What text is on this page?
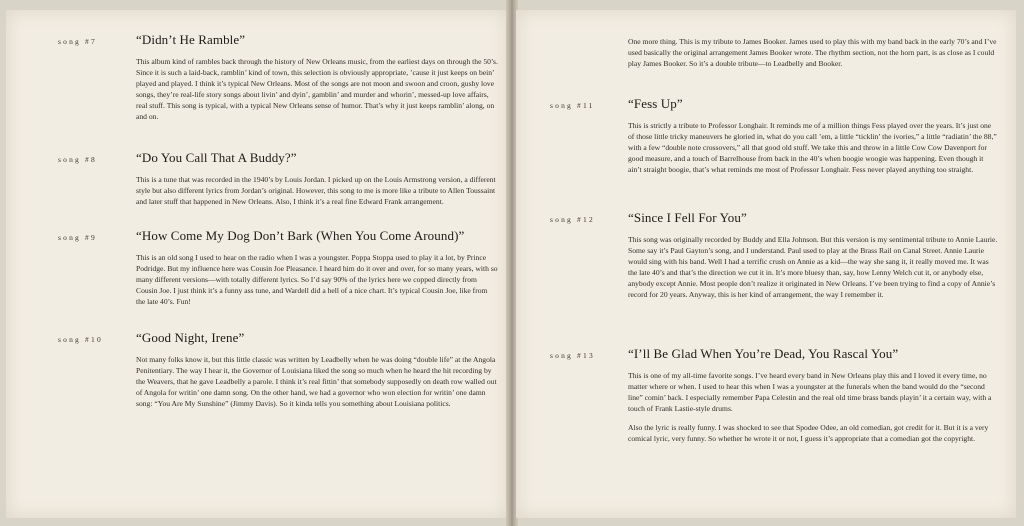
song #7	“Didn’t He Ramble”

This album kind of rambles back through the history of New Orleans music, from the earliest days on through the 50’s. Since it is such a laid-back, ramblin’ kind of town, this selection is obviously appropriate, ’cause it just keeps on bein’ played and played. I think it’s typical New Orleans. Most of the songs are not moon and swoon and croon, gushy love songs, they’re real-life story songs about livin’ and dyin’, gamblin’ and murder and whorin’, messed-up love affairs, real stuff. This song is typical, with a typical New Orleans sense of humor. That’s why it just keeps ramblin’ along, on and on.

song #8	“Do You Call That A Buddy?”

This is a tune that was recorded in the 1940’s by Louis Jordan. I picked up on the Louis Armstrong version, a different style but also different lyrics from Jordan’s original. However, this song to me is more like a tribute to Allen Toussaint and later stuff that happened in New Orleans. Also, I think it’s a real fine Edward Frank arrangement.

song #9	“How Come My Dog Don’t Bark (When You Come Around)”

This is an old song I used to hear on the radio when I was a youngster. Poppa Stoppa used to play it a lot, by Prince Podridge. But my influence here was Cousin Joe Pleasance. I heard him do it over and over, for so many years, with so many different versions—with totally different lyrics. So I’d say 90% of the lyrics here we copped directly from Cousin Joe. I just think it’s a funny ass tune, and Wardell did a hell of a nice chart. It’s typical Cousin Joe, like from the late 40’s. Fun!

song #10	“Good Night, Irene”

Not many folks know it, but this little classic was written by Leadbelly when he was doing “double life” at the Angola Penitentiary. The way I hear it, the Governor of Louisiana liked the song so much when he heard the hit recording by the Weavers, that he gave Leadbelly a parole. I think it’s real fittin’ that somebody supposedly on death row walled out of Angola for writin’ one damn song. On the other hand, we had a governor who won election for writin’ one damn song: “You Are My Sunshine” (Jimmy Davis). So it kinda tells you something about Louisiana politics.

One more thing. This is my tribute to James Booker. James used to play this with my band back in the early 70’s and I’ve used basically the original arrangement James Booker wrote. The rhythm section, not the horn part, is as close as I could play James Booker. So it’s a double tribute—to Leadbelly and Booker.

song #11	“Fess Up”

This is strictly a tribute to Professor Longhair. It reminds me of a million things Fess played over the years. It’s just one of those little tricky maneuvers he gloried in, what do you call ’em, a little “ticklin’ the ivories,” a little “radiatin’ the 88,” with a few “double note crossovers,” all that good old stuff. We take this and throw in a little Cow Cow Davenport for good measure, and a touch of Barrelhouse from back in the 40’s when boogie woogie was happening. Even though it ain’t straight boogie, that’s what reminds me most of Professor Longhair. Fess never played anything too straight.

song #12	“Since I Fell For You”

This song was originally recorded by Buddy and Ella Johnson. But this version is my sentimental tribute to Annie Laurie. Some say it’s Paul Gayton’s song, and I understand. Paul used to play at the Brass Rail on Canal Street. Annie Laurie would sing with his band. Well I had a terrific crush on Annie as a kid—the way she sang it, it really moved me. It was the late 40’s and that’s the direction we cut it in. It’s more bluesy than, say, how Lenny Welch cut it, or anybody else, anybody except Annie. Most people don’t realize it originated in New Orleans. I’ve been trying to find a copy of Annie’s record for 20 years. Anyway, this is her kind of arrangement, the way I remember it.

song #13	“I’ll Be Glad When You’re Dead, You Rascal You”

This is one of my all-time favorite songs. I’ve heard every band in New Orleans play this and I loved it every time, no matter where or when. I used to hear this when I was a youngster at the funerals when the band would do the “second line” comin’ back. I especially remember Papa Celestin and the real old time brass bands playin’ it a certain way, with a touch of Frank Lastie-style drums.

Also the lyric is really funny. I was shocked to see that Spodee Odee, an old comedian, got credit for it. But it is a very comical lyric, very funny. So whether he wrote it or not, I guess it’s appropriate that a comedian got the copyright.
